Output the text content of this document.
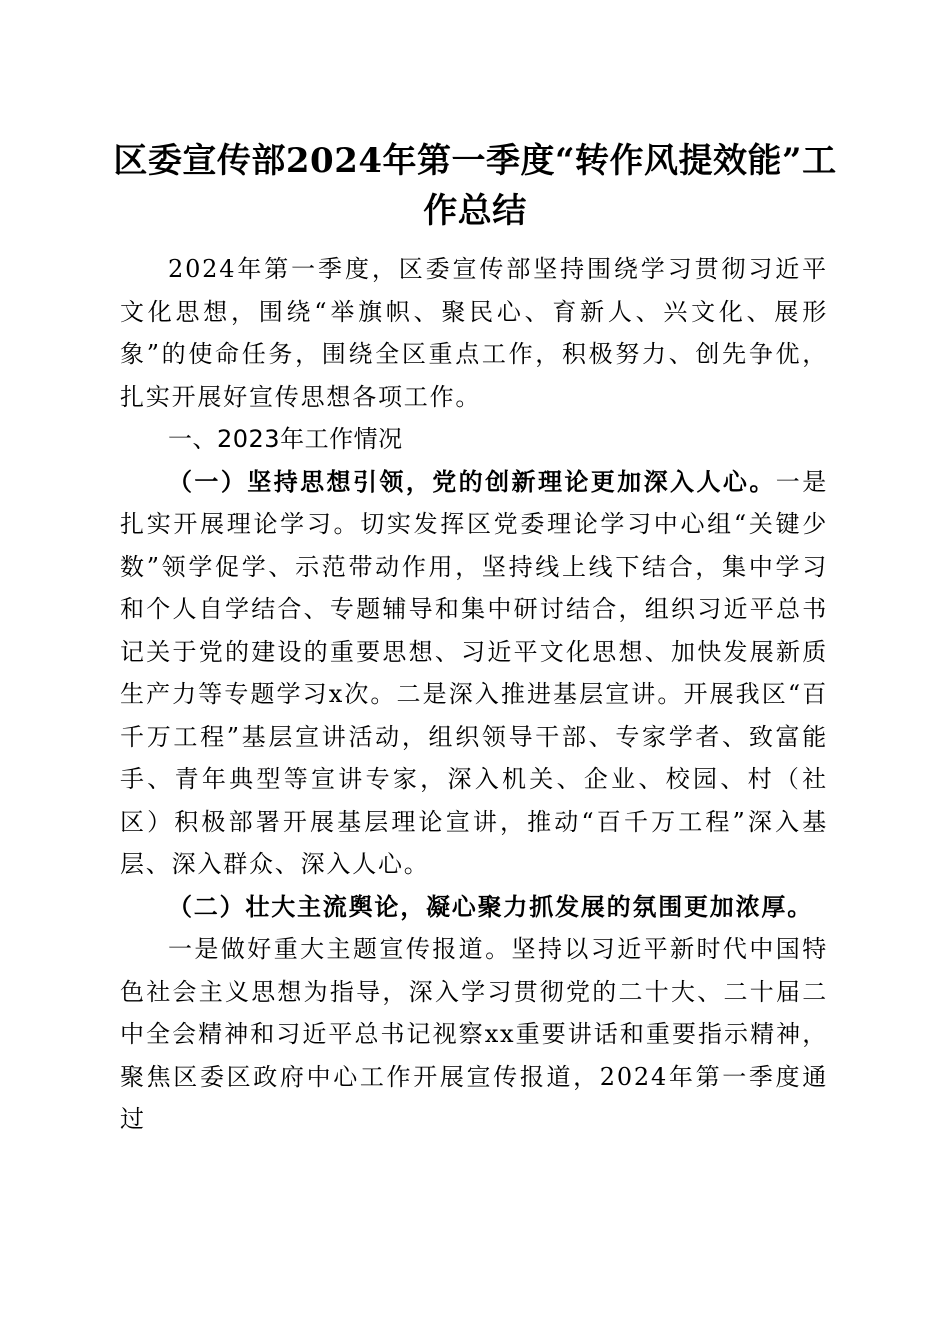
区委宣传部2024年第一季度“转作风提效能”工作总结

2024年第一季度，区委宣传部坚持围绕学习贯彻习近平文化思想，围绕“举旗帜、聚民心、育新人、兴文化、展形象”的使命任务，围绕全区重点工作，积极努力、创先争优，扎实开展好宣传思想各项工作。

一、2023年工作情况

（一）坚持思想引领，党的创新理论更加深入人心。一是扎实开展理论学习。切实发挥区党委理论学习中心组“关键少数”领学促学、示范带动作用，坚持线上线下结合，集中学习和个人自学结合、专题辅导和集中研讨结合，组织习近平总书记关于党的建设的重要思想、习近平文化思想、加快发展新质生产力等专题学习x次。二是深入推进基层宣讲。开展我区“百千万工程”基层宣讲活动，组织领导干部、专家学者、致富能手、青年典型等宣讲专家，深入机关、企业、校园、村（社区）积极部署开展基层理论宣讲，推动“百千万工程”深入基层、深入群众、深入人心。

（二）壮大主流舆论，凝心聚力抓发展的氛围更加浓厚。

一是做好重大主题宣传报道。坚持以习近平新时代中国特色社会主义思想为指导，深入学习贯彻党的二十大、二十届二中全会精神和习近平总书记视察xx重要讲话和重要指示精神，聚焦区委区政府中心工作开展宣传报道，2024年第一季度通过
